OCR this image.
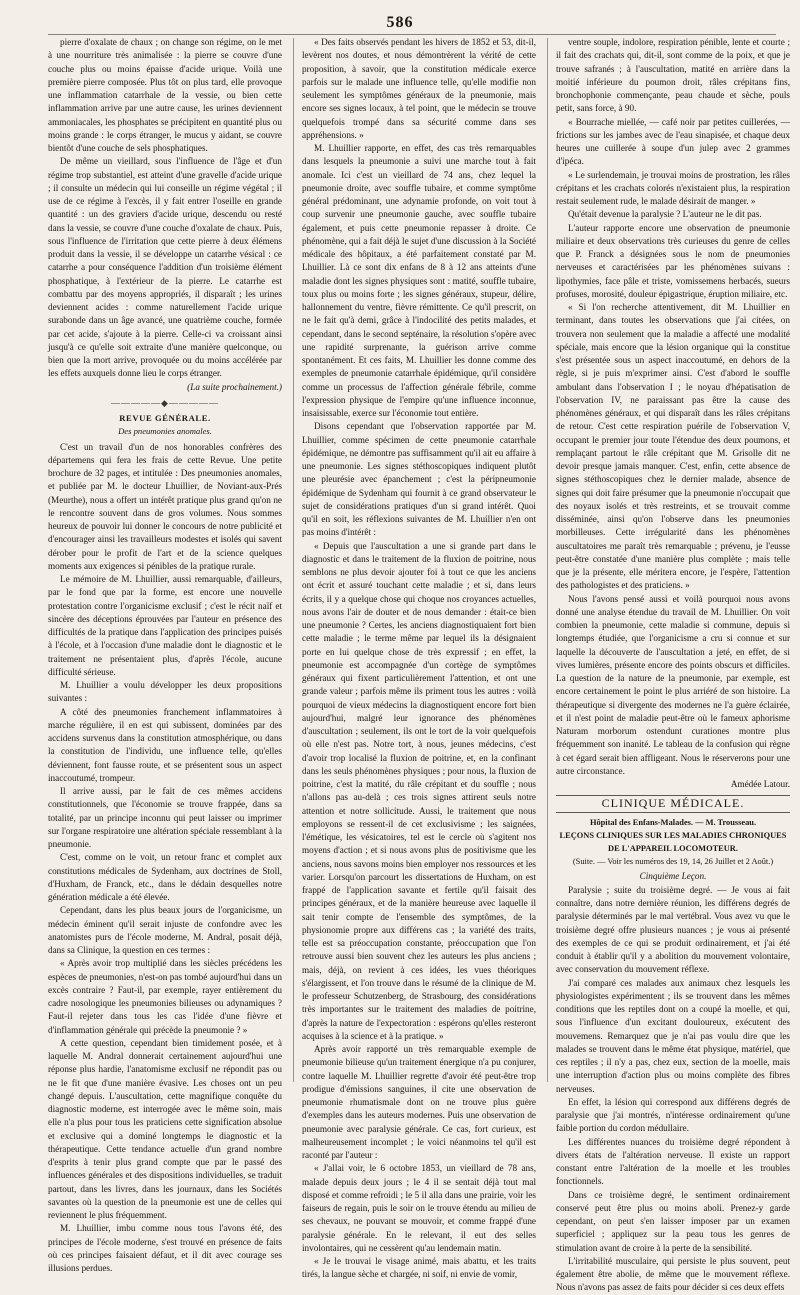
586

pierre d'oxalate de chaux ; on change son régime, on le met à une nourriture très animalisée : la pierre se couvre d'une couche plus ou moins épaisse d'acide urique. Voilà une première pierre composée. Plus tôt on plus tard, elle provoque une inflammation catarrhale de la vessie, ou bien cette inflammation arrive par une autre cause, les urines deviennent ammoniacales, les phosphates se précipitent en quantité plus ou moins grande : le corps étranger, le mucus y aidant, se couvre bientôt d'une couche de sels phosphatiques.

De même un vieillard, sous l'influence de l'âge et d'un régime trop substantiel, est atteint d'une gravelle d'acide urique ; il consulte un médecin qui lui conseille un régime végétal ; il use de ce régime à l'excès, il y fait entrer l'oseille en grande quantité : un des graviers d'acide urique, descendu ou resté dans la vessie, se couvre d'une couche d'oxalate de chaux. Puis, sous l'influence de l'irritation que cette pierre à deux élémens produit dans la vessie, il se développe un catarrhe vésical : ce catarrhe a pour conséquence l'addition d'un troisième élément phosphatique, à l'extérieur de la pierre. Le catarrhe est combattu par des moyens appropriés, il disparaît ; les urines deviennent acides : comme naturellement l'acide urique surabonde dans un âge avancé, une quatrième couche, formée par cet acide, s'ajoute à la pierre. Celle-ci va croissant ainsi jusqu'à ce qu'elle soit extraite d'une manière quelconque, ou bien que la mort arrive, provoquée ou du moins accélérée par les effets auxquels donne lieu le corps étranger.

(La suite prochainement.)

—————◆—————

REVUE GÉNÉRALE.

Des pneumonies anomales.

C'est un travail d'un de nos honorables confrères des départemens qui fera les frais de cette Revue. Une petite brochure de 32 pages, et intitulée : Des pneumonies anomales, et publiée par M. le docteur Lhuillier, de Noviant-aux-Prés (Meurthe), nous a offert un intérêt pratique plus grand qu'on ne le rencontre souvent dans de gros volumes. Nous sommes heureux de pouvoir lui donner le concours de notre publicité et d'encourager ainsi les travailleurs modestes et isolés qui savent dérober pour le profit de l'art et de la science quelques moments aux exigences si pénibles de la pratique rurale.

Le mémoire de M. Lhuillier, aussi remarquable, d'ailleurs, par le fond que par la forme, est encore une nouvelle protestation contre l'organicisme exclusif ; c'est le récit naïf et sincère des déceptions éprouvées par l'auteur en présence des difficultés de la pratique dans l'application des principes puisés à l'école, et à l'occasion d'une maladie dont le diagnostic et le traitement ne présentaient plus, d'après l'école, aucune difficulté sérieuse.

M. Lhuillier a voulu développer les deux propositions suivantes :

A côté des pneumonies franchement inflammatoires à marche régulière, il en est qui subissent, dominées par des accidens survenus dans la constitution atmosphérique, ou dans la constitution de l'individu, une influence telle, qu'elles déviennent, font fausse route, et se présentent sous un aspect inaccoutumé, trompeur.

Il arrive aussi, par le fait de ces mêmes accidens constitutionnels, que l'économie se trouve frappée, dans sa totalité, par un principe inconnu qui peut laisser ou imprimer sur l'organe respiratoire une altération spéciale ressemblant à la pneumonie.

C'est, comme on le voit, un retour franc et complet aux constitutions médicales de Sydenham, aux doctrines de Stoll, d'Huxham, de Franck, etc., dans le dédain desquelles notre génération médicale a été élevée.

Cependant, dans les plus beaux jours de l'organicisme, un médecin éminent qu'il serait injuste de confondre avec les anatomistes purs de l'école moderne, M. Andral, posait déjà, dans sa Clinique, la question en ces termes :

« Après avoir trop multiplié dans les siècles précédens les espèces de pneumonies, n'est-on pas tombé aujourd'hui dans un excès contraire ? Faut-il, par exemple, rayer entièrement du cadre nosologique les pneumonies bilieuses ou adynamiques ? Faut-il rejeter dans tous les cas l'idée d'une fièvre et d'inflammation générale qui précède la pneumonie ? »

A cette question, cependant bien timidement posée, et à laquelle M. Andral donnerait certainement aujourd'hui une réponse plus hardie, l'anatomisme exclusif ne répondit pas ou ne le fit que d'une manière évasive. Les choses ont un peu changé depuis. L'auscultation, cette magnifique conquête du diagnostic moderne, est interrogée avec le même soin, mais elle n'a plus pour tous les praticiens cette signification absolue et exclusive qui a dominé longtemps le diagnostic et la thérapeutique. Cette tendance actuelle d'un grand nombre d'esprits à tenir plus grand compte que par le passé des influences générales et des dispositions individuelles, se traduit partout, dans les livres, dans les journaux, dans les Sociétés savantes où la question de la pneumonie est une de celles qui reviennent le plus fréquemment.

M. Lhuillier, imbu comme nous tous l'avons été, des principes de l'école moderne, s'est trouvé en présence de faits où ces principes faisaient défaut, et il dit avec courage ses illusions perdues.

« Des faits observés pendant les hivers de 1852 et 53, dit-il, levèrent nos doutes, et nous démontrèrent la vérité de cette proposition, à savoir, que la constitution médicale exerce parfois sur le malade une influence telle, qu'elle modifie non seulement les symptômes généraux de la pneumonie, mais encore ses signes locaux, à tel point, que le médecin se trouve quelquefois trompé dans sa sécurité comme dans ses appréhensions. »

M. Lhuillier rapporte, en effet, des cas très remarquables dans lesquels la pneumonie a suivi une marche tout à fait anomale. Ici c'est un vieillard de 74 ans, chez lequel la pneumonie droite, avec souffle tubaire, et comme symptôme général prédominant, une adynamie profonde, on voit tout à coup survenir une pneumonie gauche, avec souffle tubaire également, et puis cette pneumonie repasser à droite. Ce phénomène, qui a fait déjà le sujet d'une discussion à la Société médicale des hôpitaux, a été parfaitement constaté par M. Lhuillier. Là ce sont dix enfans de 8 à 12 ans atteints d'une maladie dont les signes physiques sont : matité, souffle tubaire, toux plus ou moins forte ; les signes généraux, stupeur, délire, hallonnement du ventre, fièvre rémittente. Ce qu'il prescrit, on ne le fait qu'à demi, grâce à l'indocilité des petits malades, et cependant, dans le second septénaire, la résolution s'opère avec une rapidité surprenante, la guérison arrive comme spontanément. Et ces faits, M. Lhuillier les donne comme des exemples de pneumonie catarrhale épidémique, qu'il considère comme un processus de l'affection générale fébrile, comme l'expression physique de l'empire qu'une influence inconnue, insaisissable, exerce sur l'économie tout entière.

Disons cependant que l'observation rapportée par M. Lhuillier, comme spécimen de cette pneumonie catarrhale épidémique, ne démontre pas suffisamment qu'il ait eu affaire à une pneumonie. Les signes stéthoscopiques indiquent plutôt une pleurésie avec épanchement ; c'est la péripneumonie épidémique de Sydenham qui fournit à ce grand observateur le sujet de considérations pratiques d'un si grand intérêt. Quoi qu'il en soit, les réflexions suivantes de M. Lhuillier n'en ont pas moins d'intérêt :

« Depuis que l'auscultation a une si grande part dans le diagnostic et dans le traitement de la fluxion de poitrine, nous semblons ne plus devoir ajouter foi à tout ce que les anciens ont écrit et assuré touchant cette maladie ; et si, dans leurs écrits, il y a quelque chose qui choque nos croyances actuelles, nous avons l'air de douter et de nous demander : était-ce bien une pneumonie ? Certes, les anciens diagnostiquaient fort bien cette maladie ; le terme même par lequel ils la désignaient porte en lui quelque chose de très expressif ; en effet, la pneumonie est accompagnée d'un cortège de symptômes généraux qui fixent particulièrement l'attention, et ont une grande valeur ; parfois même ils priment tous les autres : voilà pourquoi de vieux médecins la diagnostiquent encore fort bien aujourd'hui, malgré leur ignorance des phénomènes d'auscultation ; seulement, ils ont le tort de la voir quelquefois où elle n'est pas. Notre tort, à nous, jeunes médecins, c'est d'avoir trop localisé la fluxion de poitrine, et, en la confinant dans les seuls phénomènes physiques ; pour nous, la fluxion de poitrine, c'est la matité, du râle crépitant et du souffle ; nous n'allons pas au-delà ; ces trois signes attirent seuls notre attention et notre sollicitude. Aussi, le traitement que nous employons se ressent-il de cet exclusivisme ; les saignées, l'émétique, les vésicatoires, tel est le cercle où s'agitent nos moyens d'action ; et si nous avons plus de positivisme que les anciens, nous savons moins bien employer nos ressources et les varier. Lorsqu'on parcourt les dissertations de Huxham, on est frappé de l'application savante et fertile qu'il faisait des principes généraux, et de la manière heureuse avec laquelle il sait tenir compte de l'ensemble des symptômes, de la physionomie propre aux différens cas ; la variété des traits, telle est sa préoccupation constante, préoccupation que l'on retrouve aussi bien souvent chez les auteurs les plus anciens ; mais, déjà, on revient à ces idées, les vues théoriques s'élargissent, et l'on trouve dans le résumé de la clinique de M. le professeur Schutzenberg, de Strasbourg, des considérations très importantes sur le traitement des maladies de poitrine, d'après la nature de l'expectoration : espérons qu'elles resteront acquises à la science et à la pratique. »

Après avoir rapporté un très remarquable exemple de pneumonie bilieuse qu'un traitement énergique n'a pu conjurer, contre laquelle M. Lhuillier regrette d'avoir été peut-être trop prodigue d'émissions sanguines, il cite une observation de pneumonie rhumatismale dont on ne trouve plus guère d'exemples dans les auteurs modernes. Puis une observation de pneumonie avec paralysie générale. Ce cas, fort curieux, est malheureusement incomplet ; le voici néanmoins tel qu'il est raconté par l'auteur :

« J'allai voir, le 6 octobre 1853, un vieillard de 78 ans, malade depuis deux jours ; le 4 il se sentait déjà tout mal disposé et comme refroidi ; le 5 il alla dans une prairie, voir les faiseurs de regain, puis le soir on le trouve étendu au milieu de ses chevaux, ne pouvant se mouvoir, et comme frappé d'une paralysie générale. En le relevant, il eut des selles involontaires, qui ne cessèrent qu'au lendemain matin.

« Je le trouvai le visage animé, mais abattu, et les traits tirés, la langue sèche et chargée, ni soif, ni envie de vomir,

ventre souple, indolore, respiration pénible, lente et courte ; il fait des crachats qui, dit-il, sont comme de la poix, et que je trouve safranés ; à l'auscultation, matité en arrière dans la moitié inférieure du poumon droit, râles crépitans fins, bronchophonie commençante, peau chaude et sèche, pouls petit, sans force, à 90.

« Bourrache miellée, — café noir par petites cuillerées, — frictions sur les jambes avec de l'eau sinapisée, et chaque deux heures une cuillerée à soupe d'un julep avec 2 grammes d'ipéca.

« Le surlendemain, je trouvai moins de prostration, les râles crépitans et les crachats colorés n'existaient plus, la respiration restait seulement rude, le malade désirait de manger. »

Qu'était devenue la paralysie ? L'auteur ne le dit pas.

L'auteur rapporte encore une observation de pneumonie miliaire et deux observations très curieuses du genre de celles que P. Franck a désignées sous le nom de pneumonies nerveuses et caractérisées par les phénomènes suivans : lipothymies, face pâle et triste, vomissemens herbacés, sueurs profuses, morosité, douleur épigastrique, éruption miliaire, etc.

« Si l'on recherche attentivement, dit M. Lhuillier en terminant, dans toutes les observations que j'ai citées, on trouvera non seulement que la maladie a affecté une modalité spéciale, mais encore que la lésion organique qui la constitue s'est présentée sous un aspect inaccoutumé, en dehors de la règle, si je puis m'exprimer ainsi. C'est d'abord le souffle ambulant dans l'observation I ; le noyau d'hépatisation de l'observation IV, ne paraissant pas être la cause des phénomènes généraux, et qui disparaît dans les râles crépitans de retour. C'est cette respiration puérile de l'observation V, occupant le premier jour toute l'étendue des deux poumons, et remplaçant partout le râle crépitant que M. Grisolle dit ne devoir presque jamais manquer. C'est, enfin, cette absence de signes stéthoscopiques chez le dernier malade, absence de signes qui doit faire présumer que la pneumonie n'occupait que des noyaux isolés et très restreints, et se trouvait comme disséminée, ainsi qu'on l'observe dans les pneumonies morbilleuses. Cette irrégularité dans les phénomènes auscultatoires me paraît très remarquable ; prévenu, je l'eusse peut-être constatée d'une manière plus complète ; mais telle que je la présente, elle méritera encore, je l'espère, l'attention des pathologistes et des praticiens. »

Nous l'avons pensé aussi et voilà pourquoi nous avons donné une analyse étendue du travail de M. Lhuillier. On voit combien la pneumonie, cette maladie si commune, depuis si longtemps étudiée, que l'organicisme a cru si connue et sur laquelle la découverte de l'auscultation a jeté, en effet, de si vives lumières, présente encore des points obscurs et difficiles. La question de la nature de la pneumonie, par exemple, est encore certainement le point le plus arriéré de son histoire. La thérapeutique si divergente des modernes ne l'a guère éclairée, et il n'est point de maladie peut-être où le fameux aphorisme Naturam morborum ostendunt curationes montre plus fréquemment son inanité. Le tableau de la confusion qui règne à cet égard serait bien affligeant. Nous le réserverons pour une autre circonstance.

Amédée Latour.

CLINIQUE MÉDICALE.

Hôpital des Enfans-Malades. — M. Trousseau.

LEÇONS CLINIQUES SUR LES MALADIES CHRONIQUES DE L'APPAREIL LOCOMOTEUR.

(Suite. — Voir les numéros des 19, 14, 26 Juillet et 2 Août.)

Cinquième Leçon.

Paralysie ; suite du troisième degré. — Je vous ai fait connaître, dans notre dernière réunion, les différens degrés de paralysie déterminés par le mal vertébral. Vous avez vu que le troisième degré offre plusieurs nuances ; je vous ai présenté des exemples de ce qui se produit ordinairement, et j'ai été conduit à établir qu'il y a abolition du mouvement volontaire, avec conservation du mouvement réflexe.

J'ai comparé ces malades aux animaux chez lesquels les physiologistes expérimentent ; ils se trouvent dans les mêmes conditions que les reptiles dont on a coupé la moelle, et qui, sous l'influence d'un excitant douloureux, exécutent des mouvemens. Remarquez que je n'ai pas voulu dire que les malades se trouvent dans le même état physique, matériel, que ces reptiles ; il n'y a pas, chez eux, section de la moelle, mais une interruption d'action plus ou moins complète des fibres nerveuses.

En effet, la lésion qui correspond aux différens degrés de paralysie que j'ai montrés, n'intéresse ordinairement qu'une faible portion du cordon médullaire.

Les différentes nuances du troisième degré répondent à divers états de l'altération nerveuse. Il existe un rapport constant entre l'altération de la moelle et les troubles fonctionnels.

Dans ce troisième degré, le sentiment ordinairement conservé peut être plus ou moins aboli. Prenez-y garde cependant, on peut s'en laisser imposer par un examen superficiel ; appliquez sur la peau tous les genres de stimulation avant de croire à la perte de la sensibilité.

L'irritabilité musculaire, qui persiste le plus souvent, peut également être abolie, de même que le mouvement réflexe. Nous n'avons pas assez de faits pour décider si ces deux effets
